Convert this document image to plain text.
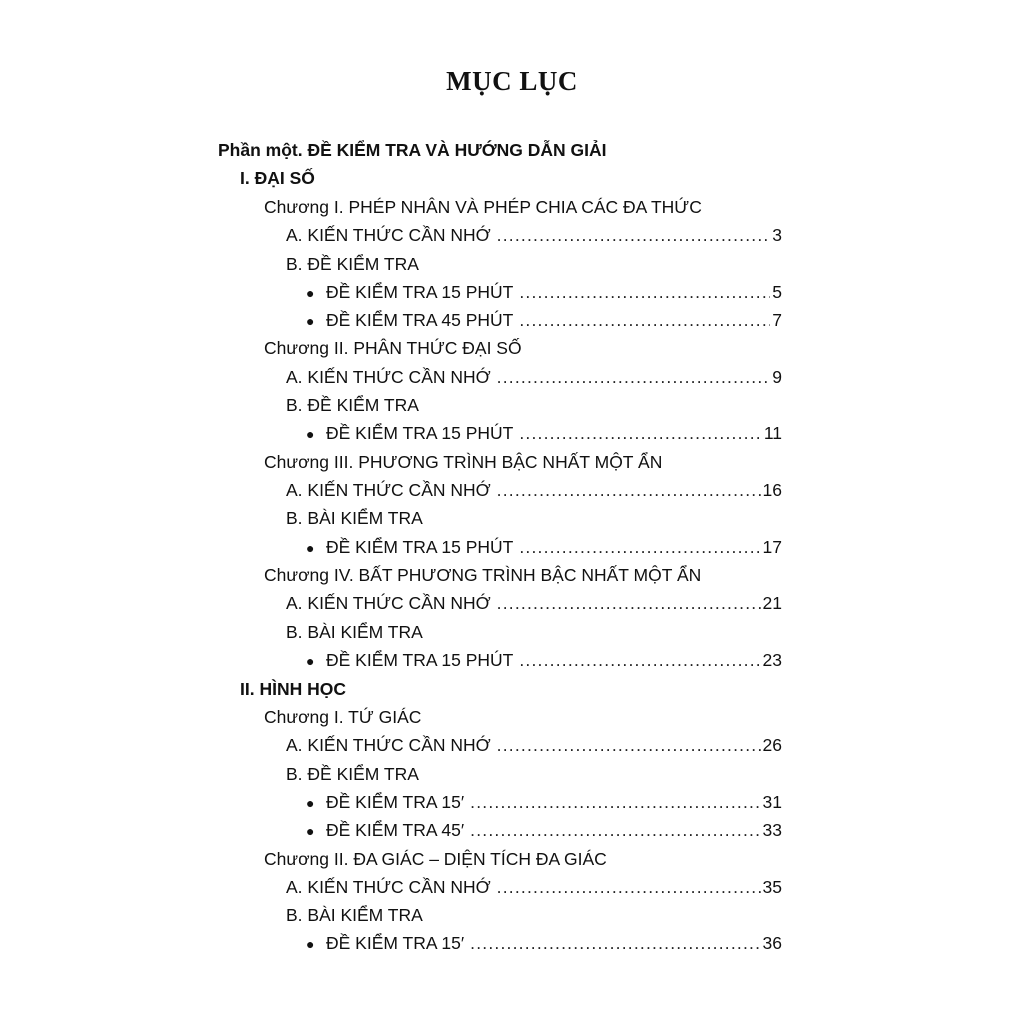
MỤC LỤC
Phần một. ĐỀ KIỂM TRA VÀ HƯỚNG DẪN GIẢI
I. ĐẠI SỐ
Chương I. PHÉP NHÂN VÀ PHÉP CHIA CÁC ĐA THỨC
A. KIẾN THỨC CẦN NHỚ .....	3
B. ĐỀ KIỂM TRA
● ĐỀ KIỂM TRA 15 PHÚT .....	5
● ĐỀ KIỂM TRA 45 PHÚT .....	7
Chương II. PHÂN THỨC ĐẠI SỐ
A. KIẾN THỨC CẦN NHỚ .....	9
B. ĐỀ KIỂM TRA
● ĐỀ KIỂM TRA 15 PHÚT .....	11
Chương III. PHƯƠNG TRÌNH BẬC NHẤT MỘT ẨN
A. KIẾN THỨC CẦN NHỚ .....	16
B. BÀI KIỂM TRA
● ĐỀ KIỂM TRA 15 PHÚT .....	17
Chương IV. BẤT PHƯƠNG TRÌNH BẬC NHẤT MỘT ẨN
A. KIẾN THỨC CẦN NHỚ .....	21
B. BÀI KIỂM TRA
● ĐỀ KIỂM TRA 15 PHÚT .....	23
II. HÌNH HỌC
Chương I. TỨ GIÁC
A. KIẾN THỨC CẦN NHỚ .....	26
B. ĐỀ KIỂM TRA
● ĐỀ KIỂM TRA 15′ .....	31
● ĐỀ KIỂM TRA 45′ .....	33
Chương II. ĐA GIÁC – DIỆN TÍCH ĐA GIÁC
A. KIẾN THỨC CẦN NHỚ .....	35
B. BÀI KIỂM TRA
● ĐỀ KIỂM TRA 15′ .....	36
